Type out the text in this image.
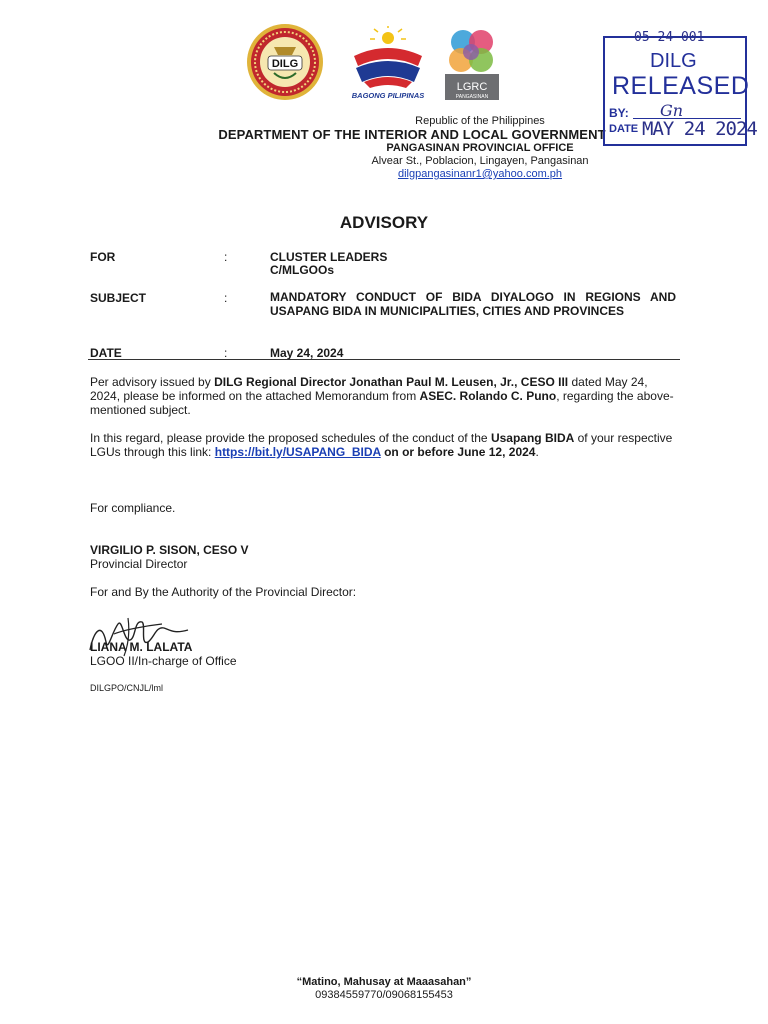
DILG
BAGONG PILIPINAS
LGRC
PANGASINAN
Republic of the Philippines
DEPARTMENT OF THE INTERIOR AND LOCAL GOVERNMENT
PANGASINAN PROVINCIAL OFFICE
Alvear St., Poblacion, Lingayen, Pangasinan
dilgpangasinanr1@yahoo.com.ph
05-24-001
DILG
RELEASED
BY: Gn
DATE MAY 24 2024
ADVISORY
FOR	:	CLUSTER LEADERS
C/MLGOOs
SUBJECT	:	MANDATORY CONDUCT OF BIDA DIYALOGO IN REGIONS AND USAPANG BIDA IN MUNICIPALITIES, CITIES AND PROVINCES
DATE	:	May 24, 2024
Per advisory issued by DILG Regional Director Jonathan Paul M. Leusen, Jr., CESO III dated May 24, 2024, please be informed on the attached Memorandum from ASEC. Rolando C. Puno, regarding the above-mentioned subject.
In this regard, please provide the proposed schedules of the conduct of the Usapang BIDA of your respective LGUs through this link: https://bit.ly/USAPANG_BIDA on or before June 12, 2024.
For compliance.
VIRGILIO P. SISON, CESO V
Provincial Director
For and By the Authority of the Provincial Director:
LIANA M. LALATA
LGOO II/In-charge of Office
DILGPO/CNJL/lml
“Matino, Mahusay at Maaasahan”
09384559770/09068155453
